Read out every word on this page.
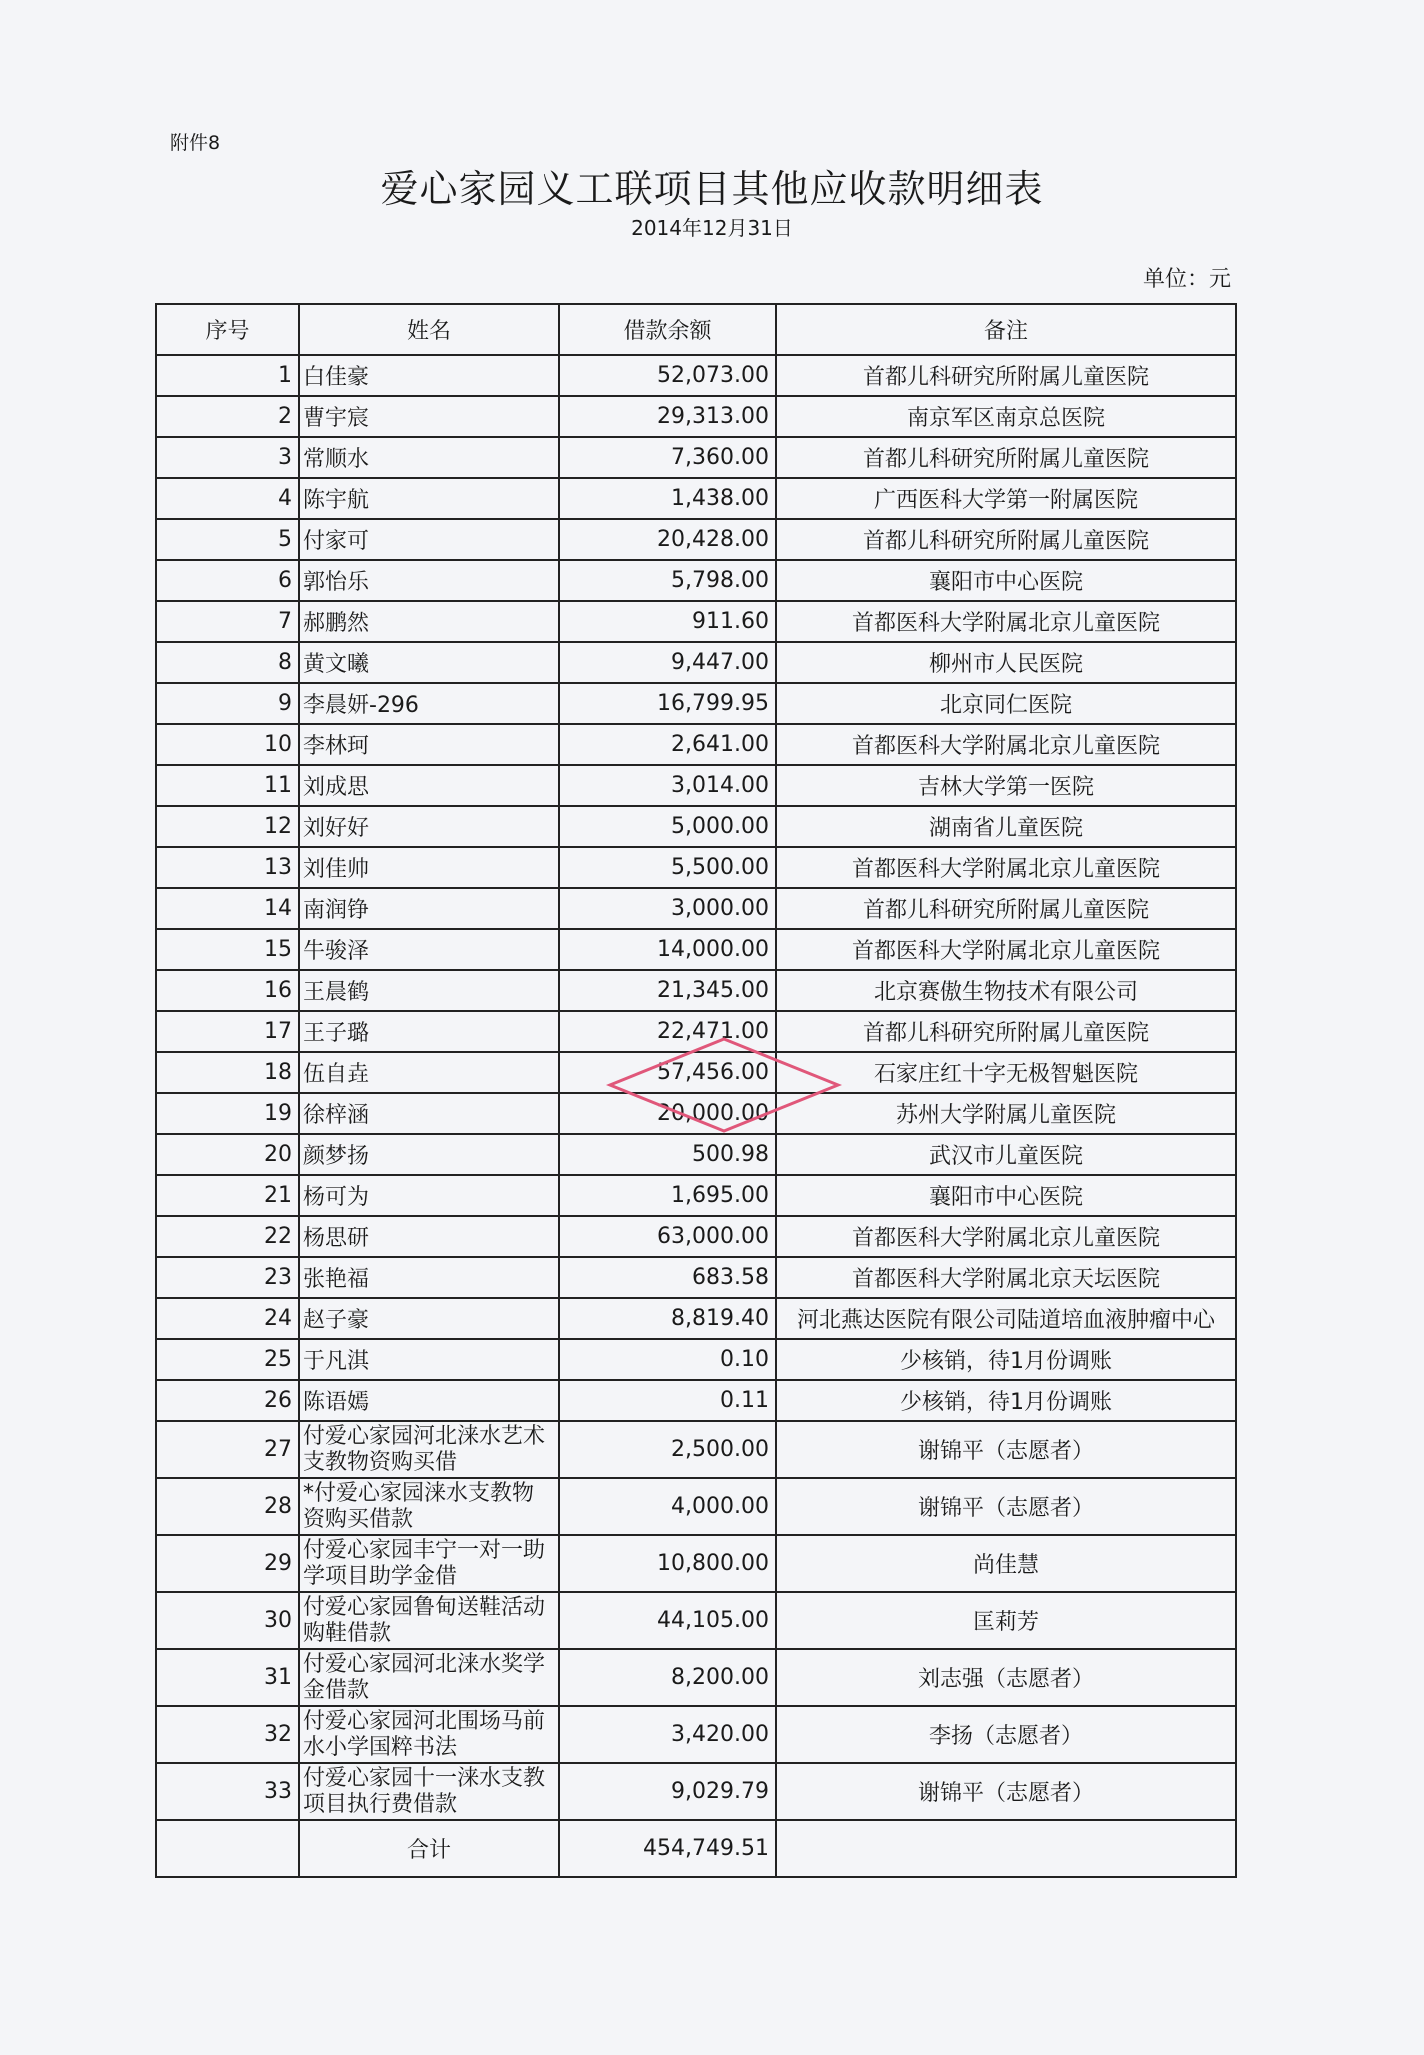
附件8
爱心家园义工联项目其他应收款明细表
2014年12月31日
单位：元
序号	姓名	借款余额	备注
1	白佳豪	52,073.00	首都儿科研究所附属儿童医院
2	曹宇宸	29,313.00	南京军区南京总医院
3	常顺水	7,360.00	首都儿科研究所附属儿童医院
4	陈宇航	1,438.00	广西医科大学第一附属医院
5	付家可	20,428.00	首都儿科研究所附属儿童医院
6	郭怡乐	5,798.00	襄阳市中心医院
7	郝鹏然	911.60	首都医科大学附属北京儿童医院
8	黄文曦	9,447.00	柳州市人民医院
9	李晨妍-296	16,799.95	北京同仁医院
10	李林珂	2,641.00	首都医科大学附属北京儿童医院
11	刘成思	3,014.00	吉林大学第一医院
12	刘好好	5,000.00	湖南省儿童医院
13	刘佳帅	5,500.00	首都医科大学附属北京儿童医院
14	南润铮	3,000.00	首都儿科研究所附属儿童医院
15	牛骏泽	14,000.00	首都医科大学附属北京儿童医院
16	王晨鹤	21,345.00	北京赛傲生物技术有限公司
17	王子璐	22,471.00	首都儿科研究所附属儿童医院
18	伍自垚	57,456.00	石家庄红十字无极智魁医院
19	徐梓涵	20,000.00	苏州大学附属儿童医院
20	颜梦扬	500.98	武汉市儿童医院
21	杨可为	1,695.00	襄阳市中心医院
22	杨思研	63,000.00	首都医科大学附属北京儿童医院
23	张艳福	683.58	首都医科大学附属北京天坛医院
24	赵子豪	8,819.40	河北燕达医院有限公司陆道培血液肿瘤中心
25	于凡淇	0.10	少核销，待1月份调账
26	陈语嫣	0.11	少核销，待1月份调账
27	付爱心家园河北涞水艺术支教物资购买借	2,500.00	谢锦平（志愿者）
28	*付爱心家园涞水支教物资购买借款	4,000.00	谢锦平（志愿者）
29	付爱心家园丰宁一对一助学项目助学金借	10,800.00	尚佳慧
30	付爱心家园鲁甸送鞋活动购鞋借款	44,105.00	匡莉芳
31	付爱心家园河北涞水奖学金借款	8,200.00	刘志强（志愿者）
32	付爱心家园河北围场马前水小学国粹书法	3,420.00	李扬（志愿者）
33	付爱心家园十一涞水支教项目执行费借款	9,029.79	谢锦平（志愿者）
	合计	454,749.51	
